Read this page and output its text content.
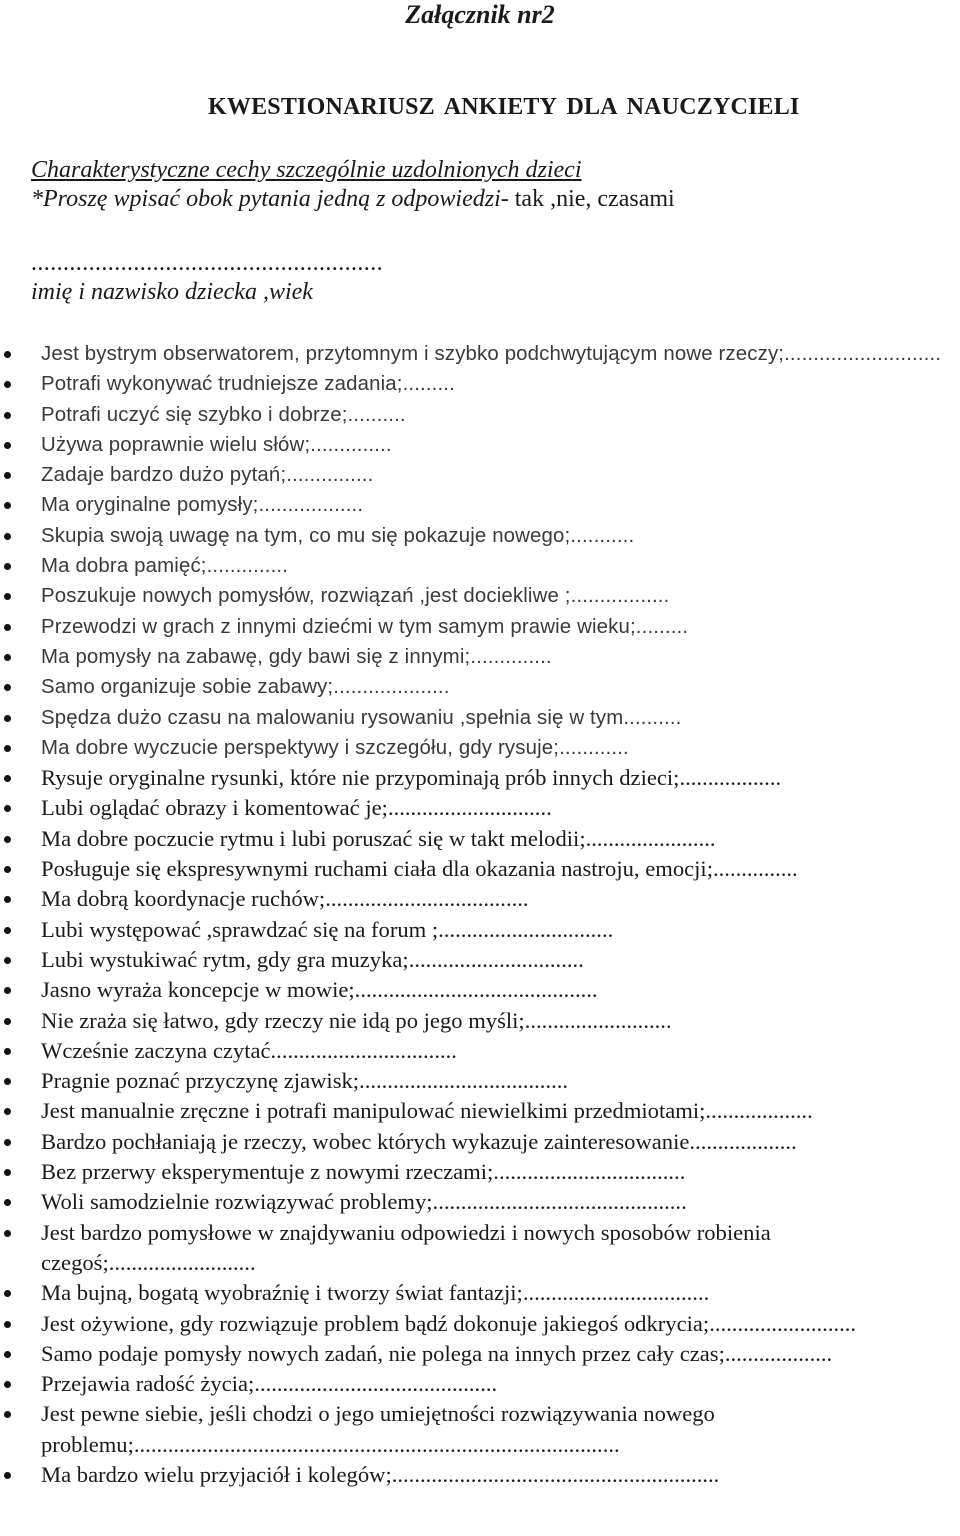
Załącznik nr2
KWESTIONARIUSZ ANKIETY DLA NAUCZYCIELI

Charakterystyczne cechy szczególnie uzdolnionych dzieci

*Proszę wpisać obok pytania jedną z odpowiedzi- tak ,nie, czasami

.......................................................

imię i nazwisko dziecka ,wiek

Jest bystrym obserwatorem, przytomnym i szybko podchwytującym nowe rzeczy;...........................
Potrafi wykonywać trudniejsze zadania;.........
Potrafi uczyć się szybko i dobrze;..........
Używa poprawnie wielu słów;..............
Zadaje bardzo dużo pytań;...............
Ma oryginalne pomysły;..................
Skupia swoją uwagę na tym, co mu się pokazuje nowego;...........
Ma dobra pamięć;..............
Poszukuje nowych pomysłów, rozwiązań ,jest dociekliwe ;.................
Przewodzi w grach z innymi dziećmi w tym samym prawie wieku;.........
Ma pomysły na zabawę, gdy bawi się z innymi;..............
Samo organizuje sobie zabawy;....................
Spędza dużo czasu na malowaniu rysowaniu ,spełnia się w tym..........
Ma dobre wyczucie perspektywy i szczegółu, gdy rysuje;............
Rysuje oryginalne rysunki, które nie przypominają prób innych dzieci;..................
Lubi oglądać obrazy i komentować je;.............................
Ma dobre poczucie rytmu i lubi poruszać się w takt melodii;.......................
Posługuje się ekspresywnymi ruchami ciała dla okazania nastroju, emocji;...............
Ma dobrą koordynacje ruchów;....................................
Lubi występować ,sprawdzać się na forum ;...............................
Lubi wystukiwać rytm, gdy gra muzyka;...............................
Jasno wyraża koncepcje w mowie;...........................................
Nie zraża się łatwo, gdy rzeczy nie idą po jego myśli;..........................
Wcześnie zaczyna czytać.................................
Pragnie poznać przyczynę zjawisk;.....................................
Jest manualnie zręczne i potrafi manipulować niewielkimi przedmiotami;...................
Bardzo pochłaniają je rzeczy, wobec których wykazuje zainteresowanie...................
Bez przerwy eksperymentuje z nowymi rzeczami;..................................
Woli samodzielnie rozwiązywać problemy;.............................................
Jest bardzo pomysłowe w znajdywaniu odpowiedzi i nowych sposobów robienia czegoś;..........................
Ma bujną, bogatą wyobraźnię i tworzy świat fantazji;.................................
Jest ożywione, gdy rozwiązuje problem bądź dokonuje jakiegoś odkrycia;..........................
Samo podaje pomysły nowych zadań, nie polega na innych przez cały czas;...................
Przejawia radość życia;...........................................
Jest pewne siebie, jeśli chodzi o jego umiejętności rozwiązywania nowego problemu;......................................................................................
Ma bardzo wielu przyjaciół i kolegów;..........................................................
